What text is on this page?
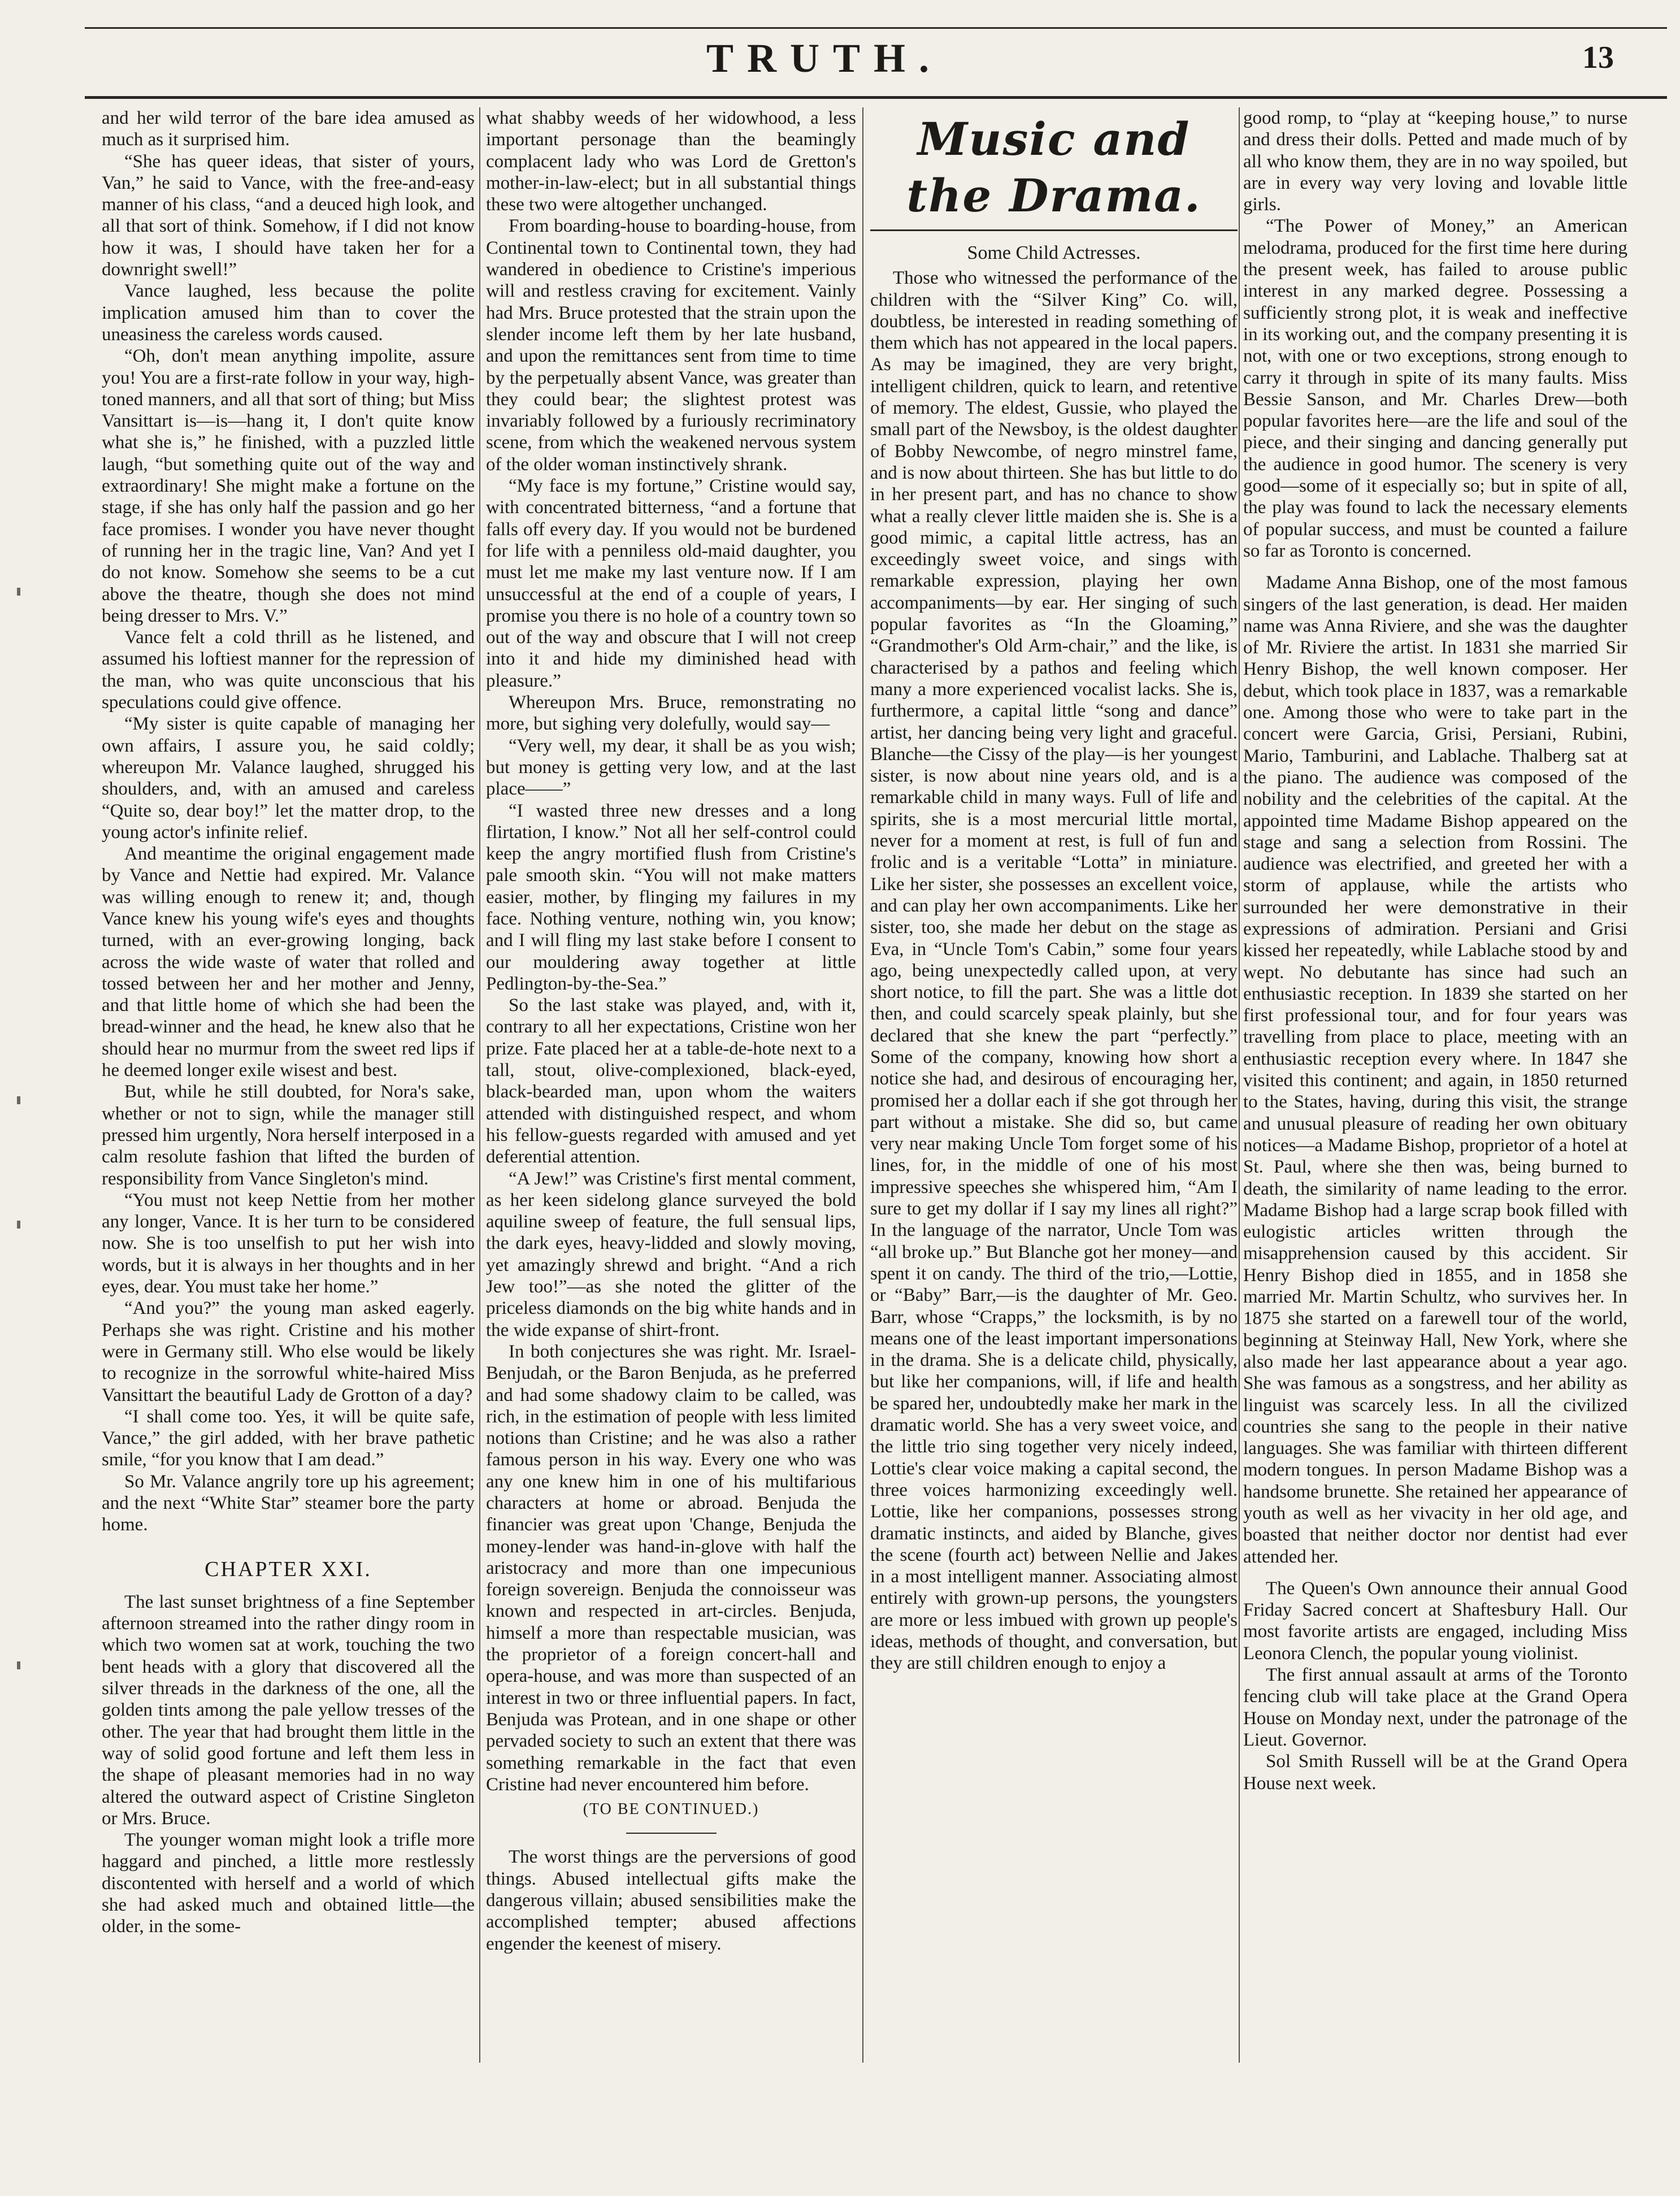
TRUTH.	13

and her wild terror of the bare idea amused as much as it surprised him.

“She has queer ideas, that sister of yours, Van,” he said to Vance, with the free-and-easy manner of his class, “and a deuced high look, and all that sort of think. Somehow, if I did not know how it was, I should have taken her for a downright swell!”

Vance laughed, less because the polite implication amused him than to cover the uneasiness the careless words caused.

“Oh, don't mean anything impolite, assure you! You are a first-rate follow in your way, high-toned manners, and all that sort of thing; but Miss Vansittart is—is—hang it, I don't quite know what she is,” he finished, with a puzzled little laugh, “but something quite out of the way and extraordinary! She might make a fortune on the stage, if she has only half the passion and go her face promises. I wonder you have never thought of running her in the tragic line, Van? And yet I do not know. Somehow she seems to be a cut above the theatre, though she does not mind being dresser to Mrs. V.”

Vance felt a cold thrill as he listened, and assumed his loftiest manner for the repression of the man, who was quite unconscious that his speculations could give offence.

“My sister is quite capable of managing her own affairs, I assure you, he said coldly; whereupon Mr. Valance laughed, shrugged his shoulders, and, with an amused and careless “Quite so, dear boy!” let the matter drop, to the young actor's infinite relief.

And meantime the original engagement made by Vance and Nettie had expired. Mr. Valance was willing enough to renew it; and, though Vance knew his young wife's eyes and thoughts turned, with an ever-growing longing, back across the wide waste of water that rolled and tossed between her and her mother and Jenny, and that little home of which she had been the bread-winner and the head, he knew also that he should hear no murmur from the sweet red lips if he deemed longer exile wisest and best.

But, while he still doubted, for Nora's sake, whether or not to sign, while the manager still pressed him urgently, Nora herself interposed in a calm resolute fashion that lifted the burden of responsibility from Vance Singleton's mind.

“You must not keep Nettie from her mother any longer, Vance. It is her turn to be considered now. She is too unselfish to put her wish into words, but it is always in her thoughts and in her eyes, dear. You must take her home.”

“And you?” the young man asked eagerly. Perhaps she was right. Cristine and his mother were in Germany still. Who else would be likely to recognize in the sorrowful white-haired Miss Vansittart the beautiful Lady de Grotton of a day?

“I shall come too. Yes, it will be quite safe, Vance,” the girl added, with her brave pathetic smile, “for you know that I am dead.”

So Mr. Valance angrily tore up his agreement; and the next “White Star” steamer bore the party home.

CHAPTER XXI.

The last sunset brightness of a fine September afternoon streamed into the rather dingy room in which two women sat at work, touching the two bent heads with a glory that discovered all the silver threads in the darkness of the one, all the golden tints among the pale yellow tresses of the other. The year that had brought them little in the way of solid good fortune and left them less in the shape of pleasant memories had in no way altered the outward aspect of Cristine Singleton or Mrs. Bruce.

The younger woman might look a trifle more haggard and pinched, a little more restlessly discontented with herself and a world of which she had asked much and obtained little—the older, in the some-

what shabby weeds of her widowhood, a less important personage than the beamingly complacent lady who was Lord de Gretton's mother-in-law-elect; but in all substantial things these two were altogether unchanged.

From boarding-house to boarding-house, from Continental town to Continental town, they had wandered in obedience to Cristine's imperious will and restless craving for excitement. Vainly had Mrs. Bruce protested that the strain upon the slender income left them by her late husband, and upon the remittances sent from time to time by the perpetually absent Vance, was greater than they could bear; the slightest protest was invariably followed by a furiously recriminatory scene, from which the weakened nervous system of the older woman instinctively shrank.

“My face is my fortune,” Cristine would say, with concentrated bitterness, “and a fortune that falls off every day. If you would not be burdened for life with a penniless old-maid daughter, you must let me make my last venture now. If I am unsuccessful at the end of a couple of years, I promise you there is no hole of a country town so out of the way and obscure that I will not creep into it and hide my diminished head with pleasure.”

Whereupon Mrs. Bruce, remonstrating no more, but sighing very dolefully, would say—

“Very well, my dear, it shall be as you wish; but money is getting very low, and at the last place——”

“I wasted three new dresses and a long flirtation, I know.” Not all her self-control could keep the angry mortified flush from Cristine's pale smooth skin. “You will not make matters easier, mother, by flinging my failures in my face. Nothing venture, nothing win, you know; and I will fling my last stake before I consent to our mouldering away together at little Pedlington-by-the-Sea.”

So the last stake was played, and, with it, contrary to all her expectations, Cristine won her prize. Fate placed her at a table-de-hote next to a tall, stout, olive-complexioned, black-eyed, black-bearded man, upon whom the waiters attended with distinguished respect, and whom his fellow-guests regarded with amused and yet deferential attention.

“A Jew!” was Cristine's first mental comment, as her keen sidelong glance surveyed the bold aquiline sweep of feature, the full sensual lips, the dark eyes, heavy-lidded and slowly moving, yet amazingly shrewd and bright. “And a rich Jew too!”—as she noted the glitter of the priceless diamonds on the big white hands and in the wide expanse of shirt-front.

In both conjectures she was right. Mr. Israel-Benjudah, or the Baron Benjuda, as he preferred and had some shadowy claim to be called, was rich, in the estimation of people with less limited notions than Cristine; and he was also a rather famous person in his way. Every one who was any one knew him in one of his multifarious characters at home or abroad. Benjuda the financier was great upon 'Change, Benjuda the money-lender was hand-in-glove with half the aristocracy and more than one impecunious foreign sovereign. Benjuda the connoisseur was known and respected in art-circles. Benjuda, himself a more than respectable musician, was the proprietor of a foreign concert-hall and opera-house, and was more than suspected of an interest in two or three influential papers. In fact, Benjuda was Protean, and in one shape or other pervaded society to such an extent that there was something remarkable in the fact that even Cristine had never encountered him before.

(TO BE CONTINUED.)

The worst things are the perversions of good things. Abused intellectual gifts make the dangerous villain; abused sensibilities make the accomplished tempter; abused affections engender the keenest of misery.

Music and the Drama.
Some Child Actresses.

Those who witnessed the performance of the children with the “Silver King” Co. will, doubtless, be interested in reading something of them which has not appeared in the local papers. As may be imagined, they are very bright, intelligent children, quick to learn, and retentive of memory. The eldest, Gussie, who played the small part of the Newsboy, is the oldest daughter of Bobby Newcombe, of negro minstrel fame, and is now about thirteen. She has but little to do in her present part, and has no chance to show what a really clever little maiden she is. She is a good mimic, a capital little actress, has an exceedingly sweet voice, and sings with remarkable expression, playing her own accompaniments—by ear. Her singing of such popular favorites as “In the Gloaming,” “Grandmother's Old Arm-chair,” and the like, is characterised by a pathos and feeling which many a more experienced vocalist lacks. She is, furthermore, a capital little “song and dance” artist, her dancing being very light and graceful. Blanche—the Cissy of the play—is her youngest sister, is now about nine years old, and is a remarkable child in many ways. Full of life and spirits, she is a most mercurial little mortal, never for a moment at rest, is full of fun and frolic and is a veritable “Lotta” in miniature. Like her sister, she possesses an excellent voice, and can play her own accompaniments. Like her sister, too, she made her debut on the stage as Eva, in “Uncle Tom's Cabin,” some four years ago, being unexpectedly called upon, at very short notice, to fill the part. She was a little dot then, and could scarcely speak plainly, but she declared that she knew the part “perfectly.” Some of the company, knowing how short a notice she had, and desirous of encouraging her, promised her a dollar each if she got through her part without a mistake. She did so, but came very near making Uncle Tom forget some of his lines, for, in the middle of one of his most impressive speeches she whispered him, “Am I sure to get my dollar if I say my lines all right?” In the language of the narrator, Uncle Tom was “all broke up.” But Blanche got her money—and spent it on candy. The third of the trio,—Lottie, or “Baby” Barr,—is the daughter of Mr. Geo. Barr, whose “Crapps,” the locksmith, is by no means one of the least important impersonations in the drama. She is a delicate child, physically, but like her companions, will, if life and health be spared her, undoubtedly make her mark in the dramatic world. She has a very sweet voice, and the little trio sing together very nicely indeed, Lottie's clear voice making a capital second, the three voices harmonizing exceedingly well. Lottie, like her companions, possesses strong dramatic instincts, and aided by Blanche, gives the scene (fourth act) between Nellie and Jakes in a most intelligent manner. Associating almost entirely with grown-up persons, the youngsters are more or less imbued with grown up people's ideas, methods of thought, and conversation, but they are still children enough to enjoy a

good romp, to “play at “keeping house,” to nurse and dress their dolls. Petted and made much of by all who know them, they are in no way spoiled, but are in every way very loving and lovable little girls.

“The Power of Money,” an American melodrama, produced for the first time here during the present week, has failed to arouse public interest in any marked degree. Possessing a sufficiently strong plot, it is weak and ineffective in its working out, and the company presenting it is not, with one or two exceptions, strong enough to carry it through in spite of its many faults. Miss Bessie Sanson, and Mr. Charles Drew—both popular favorites here—are the life and soul of the piece, and their singing and dancing generally put the audience in good humor. The scenery is very good—some of it especially so; but in spite of all, the play was found to lack the necessary elements of popular success, and must be counted a failure so far as Toronto is concerned.

Madame Anna Bishop, one of the most famous singers of the last generation, is dead. Her maiden name was Anna Riviere, and she was the daughter of Mr. Riviere the artist. In 1831 she married Sir Henry Bishop, the well known composer. Her debut, which took place in 1837, was a remarkable one. Among those who were to take part in the concert were Garcia, Grisi, Persiani, Rubini, Mario, Tamburini, and Lablache. Thalberg sat at the piano. The audience was composed of the nobility and the celebrities of the capital. At the appointed time Madame Bishop appeared on the stage and sang a selection from Rossini. The audience was electrified, and greeted her with a storm of applause, while the artists who surrounded her were demonstrative in their expressions of admiration. Persiani and Grisi kissed her repeatedly, while Lablache stood by and wept. No debutante has since had such an enthusiastic reception. In 1839 she started on her first professional tour, and for four years was travelling from place to place, meeting with an enthusiastic reception every where. In 1847 she visited this continent; and again, in 1850 returned to the States, having, during this visit, the strange and unusual pleasure of reading her own obituary notices—a Madame Bishop, proprietor of a hotel at St. Paul, where she then was, being burned to death, the similarity of name leading to the error. Madame Bishop had a large scrap book filled with eulogistic articles written through the misapprehension caused by this accident. Sir Henry Bishop died in 1855, and in 1858 she married Mr. Martin Schultz, who survives her. In 1875 she started on a farewell tour of the world, beginning at Steinway Hall, New York, where she also made her last appearance about a year ago. She was famous as a songstress, and her ability as linguist was scarcely less. In all the civilized countries she sang to the people in their native languages. She was familiar with thirteen different modern tongues. In person Madame Bishop was a handsome brunette. She retained her appearance of youth as well as her vivacity in her old age, and boasted that neither doctor nor dentist had ever attended her.

The Queen's Own announce their annual Good Friday Sacred concert at Shaftesbury Hall. Our most favorite artists are engaged, including Miss Leonora Clench, the popular young violinist.

The first annual assault at arms of the Toronto fencing club will take place at the Grand Opera House on Monday next, under the patronage of the Lieut. Governor.

Sol Smith Russell will be at the Grand Opera House next week.
